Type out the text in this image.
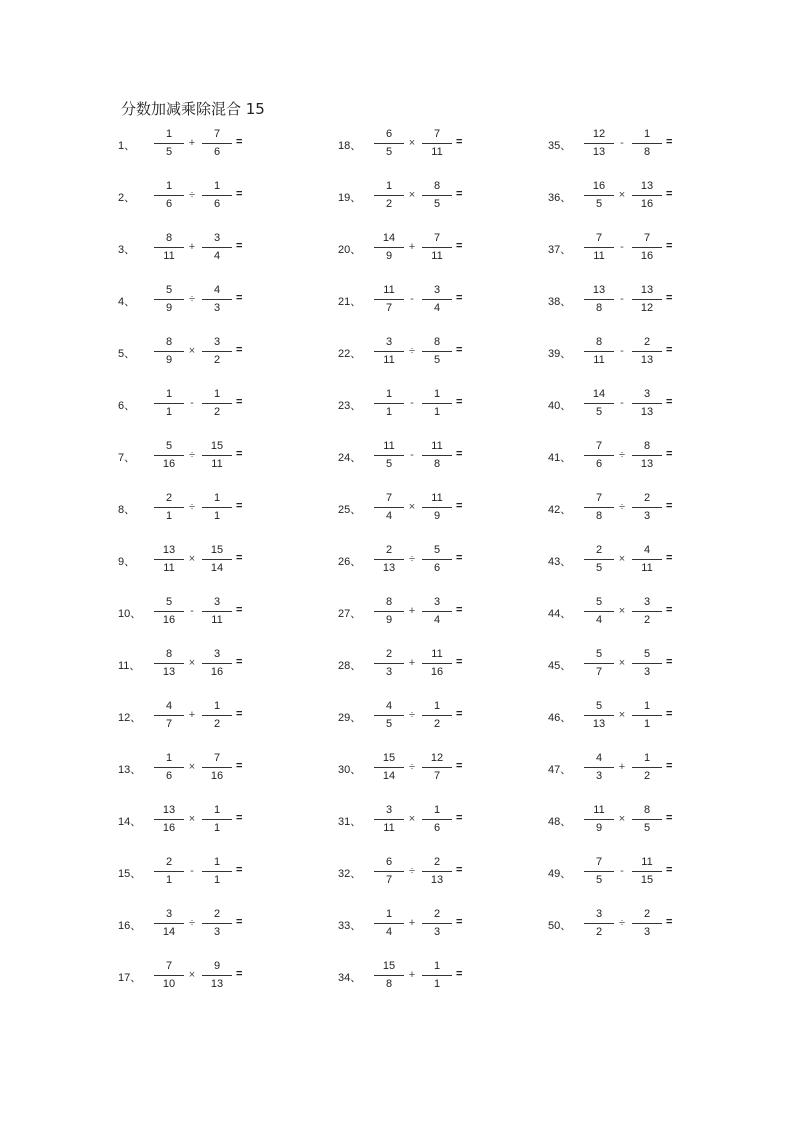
分数加减乘除混合 15
1、
1
5
+
7
6
=
2、
1
6
÷
1
6
=
3、
8
11
+
3
4
=
4、
5
9
÷
4
3
=
5、
8
9
×
3
2
=
6、
1
1
-
1
2
=
7、
5
16
÷
15
11
=
8、
2
1
÷
1
1
=
9、
13
11
×
15
14
=
10、
5
16
-
3
11
=
11、
8
13
×
3
16
=
12、
4
7
+
1
2
=
13、
1
6
×
7
16
=
14、
13
16
×
1
1
=
15、
2
1
-
1
1
=
16、
3
14
÷
2
3
=
17、
7
10
×
9
13
=
18、
6
5
×
7
11
=
19、
1
2
×
8
5
=
20、
14
9
+
7
11
=
21、
11
7
-
3
4
=
22、
3
11
÷
8
5
=
23、
1
1
-
1
1
=
24、
11
5
-
11
8
=
25、
7
4
×
11
9
=
26、
2
13
÷
5
6
=
27、
8
9
+
3
4
=
28、
2
3
+
11
16
=
29、
4
5
÷
1
2
=
30、
15
14
÷
12
7
=
31、
3
11
×
1
6
=
32、
6
7
÷
2
13
=
33、
1
4
+
2
3
=
34、
15
8
+
1
1
=
35、
12
13
-
1
8
=
36、
16
5
×
13
16
=
37、
7
11
-
7
16
=
38、
13
8
-
13
12
=
39、
8
11
-
2
13
=
40、
14
5
-
3
13
=
41、
7
6
÷
8
13
=
42、
7
8
÷
2
3
=
43、
2
5
×
4
11
=
44、
5
4
×
3
2
=
45、
5
7
×
5
3
=
46、
5
13
×
1
1
=
47、
4
3
+
1
2
=
48、
11
9
×
8
5
=
49、
7
5
-
11
15
=
50、
3
2
÷
2
3
=
